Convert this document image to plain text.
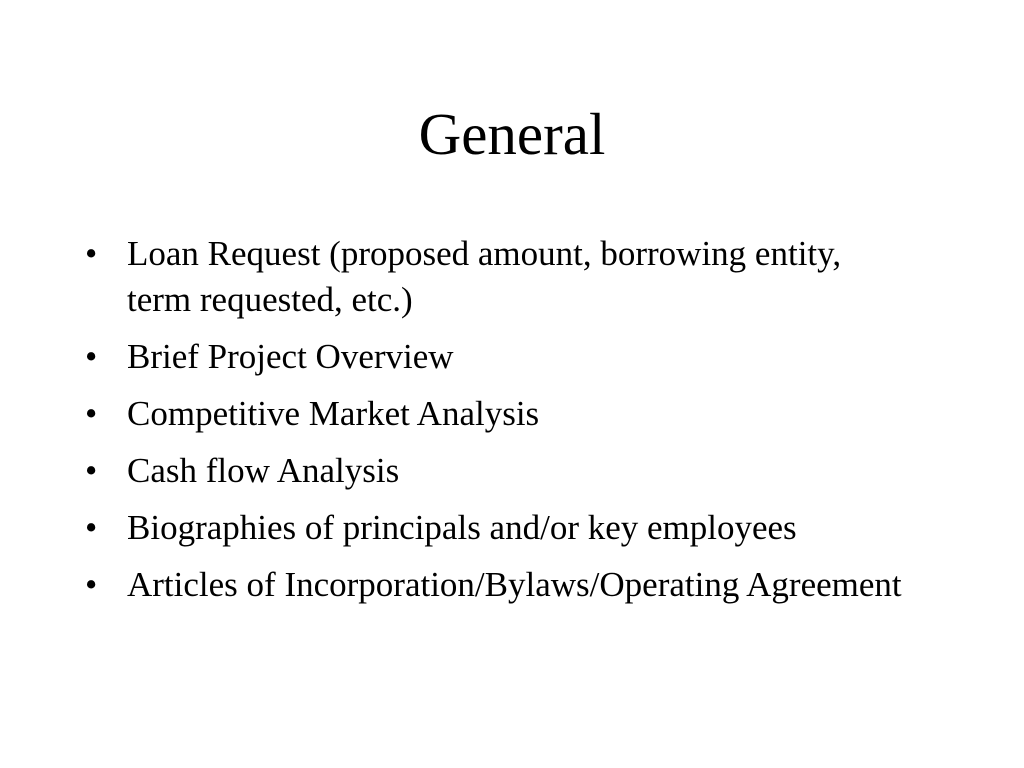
General
• Loan Request (proposed amount, borrowing entity, term requested, etc.)
• Brief Project Overview
• Competitive Market Analysis
• Cash flow Analysis
• Biographies of principals and/or key employees
• Articles of Incorporation/Bylaws/Operating Agreement
